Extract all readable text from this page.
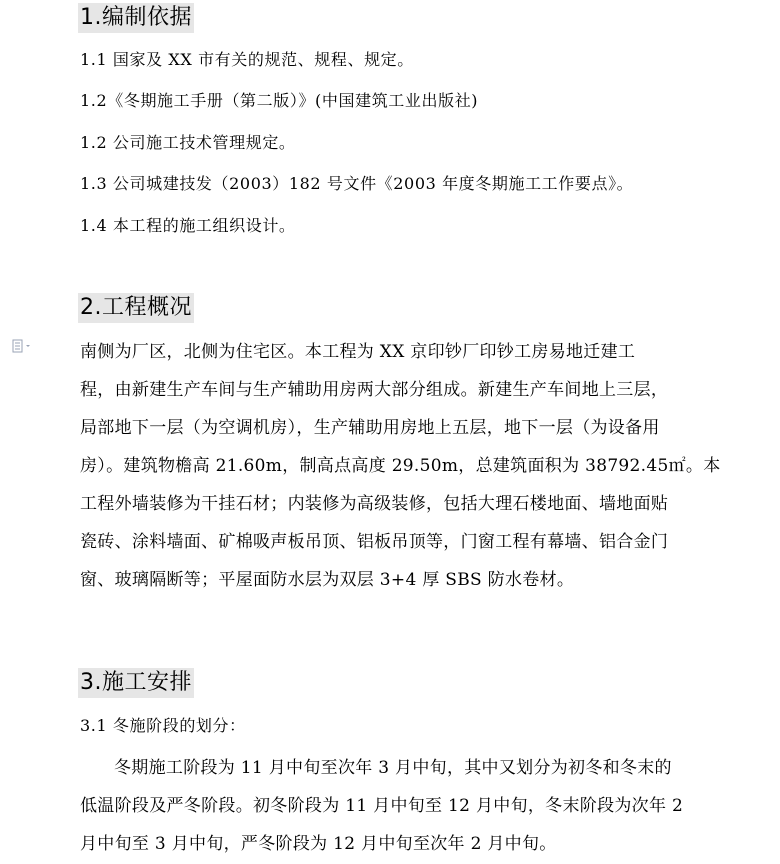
1.编制依据
1.1 国家及 XX 市有关的规范、规程、规定。
1.2《冬期施工手册（第二版）》(中国建筑工业出版社)
1.2 公司施工技术管理规定。
1.3 公司城建技发（2003）182 号文件《2003 年度冬期施工工作要点》。
1.4 本工程的施工组织设计。
2.工程概况
南侧为厂区，北侧为住宅区。本工程为 XX 京印钞厂印钞工房易地迁建工
程，由新建生产车间与生产辅助用房两大部分组成。新建生产车间地上三层，
局部地下一层（为空调机房），生产辅助用房地上五层，地下一层（为设备用
房）。建筑物檐高 21.60m，制高点高度 29.50m，总建筑面积为 38792.45㎡。本
工程外墙装修为干挂石材；内装修为高级装修，包括大理石楼地面、墙地面贴
瓷砖、涂料墙面、矿棉吸声板吊顶、铝板吊顶等，门窗工程有幕墙、铝合金门
窗、玻璃隔断等；平屋面防水层为双层 3+4 厚 SBS 防水卷材。
3.施工安排
3.1 冬施阶段的划分：
冬期施工阶段为 11 月中旬至次年 3 月中旬，其中又划分为初冬和冬末的
低温阶段及严冬阶段。初冬阶段为 11 月中旬至 12 月中旬，冬末阶段为次年 2
月中旬至 3 月中旬，严冬阶段为 12 月中旬至次年 2 月中旬。
